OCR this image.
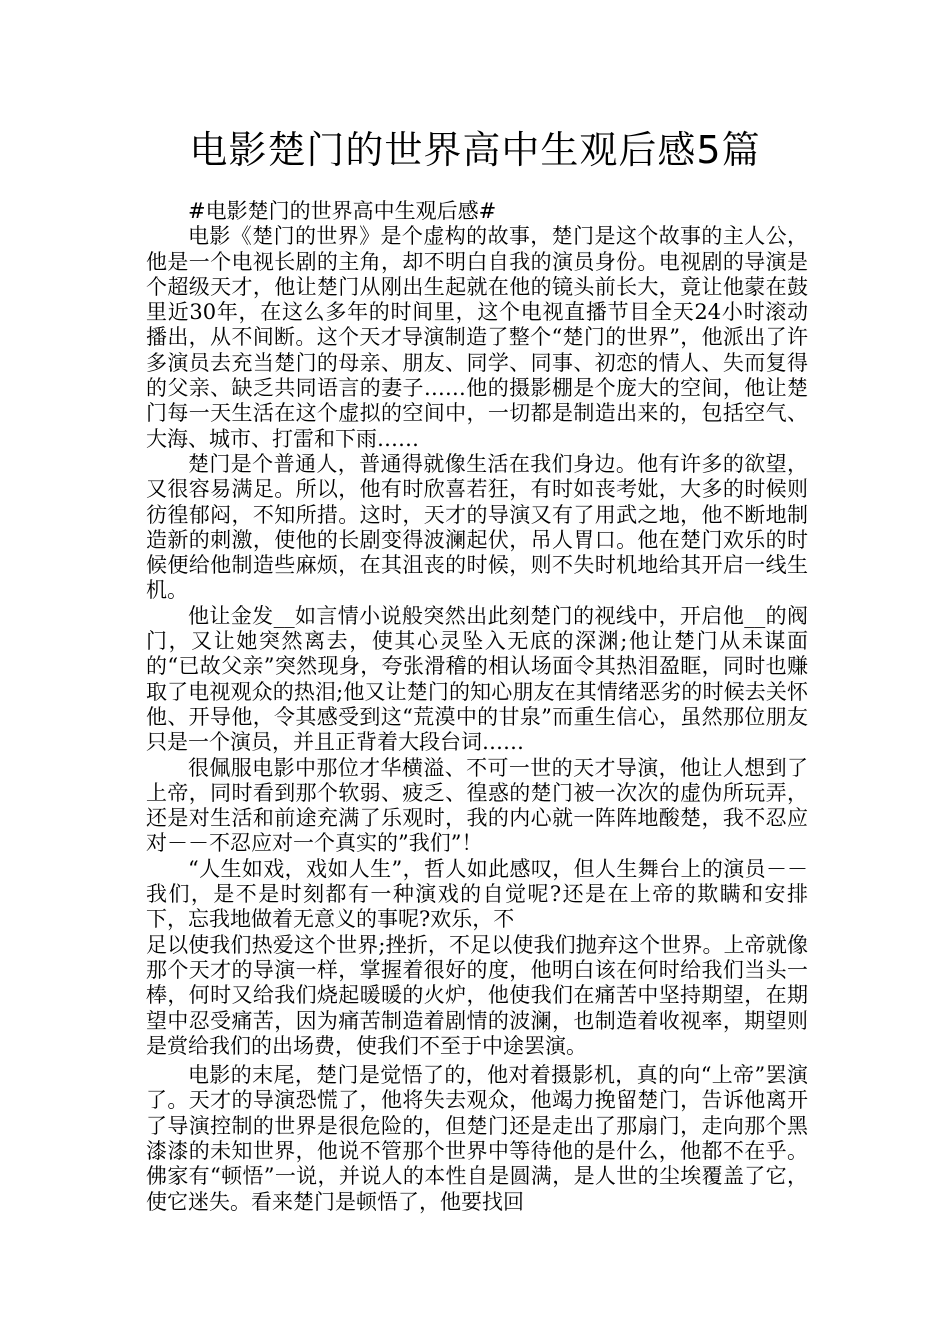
电影楚门的世界高中生观后感5篇

#电影楚门的世界高中生观后感#

电影《楚门的世界》是个虚构的故事，楚门是这个故事的主人公，他是一个电视长剧的主角，却不明白自我的演员身份。电视剧的导演是个超级天才，他让楚门从刚出生起就在他的镜头前长大，竟让他蒙在鼓里近30年，在这么多年的时间里，这个电视直播节目全天24小时滚动播出，从不间断。这个天才导演制造了整个“楚门的世界”，他派出了许多演员去充当楚门的母亲、朋友、同学、同事、初恋的情人、失而复得的父亲、缺乏共同语言的妻子……他的摄影棚是个庞大的空间，他让楚门每一天生活在这个虚拟的空间中，一切都是制造出来的，包括空气、大海、城市、打雷和下雨……

楚门是个普通人，普通得就像生活在我们身边。他有许多的欲望，又很容易满足。所以，他有时欣喜若狂，有时如丧考妣，大多的时候则彷徨郁闷，不知所措。这时，天才的导演又有了用武之地，他不断地制造新的刺激，使他的长剧变得波澜起伏，吊人胃口。他在楚门欢乐的时候便给他制造些麻烦，在其沮丧的时候，则不失时机地给其开启一线生机。

他让金发__如言情小说般突然出此刻楚门的视线中，开启他__的阀门，又让她突然离去，使其心灵坠入无底的深渊;他让楚门从未谋面的“已故父亲”突然现身，夸张滑稽的相认场面令其热泪盈眶，同时也赚取了电视观众的热泪;他又让楚门的知心朋友在其情绪恶劣的时候去关怀他、开导他，令其感受到这“荒漠中的甘泉”而重生信心，虽然那位朋友只是一个演员，并且正背着大段台词……

很佩服电影中那位才华横溢、不可一世的天才导演，他让人想到了上帝，同时看到那个软弱、疲乏、徨惑的楚门被一次次的虚伪所玩弄，还是对生活和前途充满了乐观时，我的内心就一阵阵地酸楚，我不忍应对－－不忍应对一个真实的”我们”！

“人生如戏，戏如人生”，哲人如此感叹，但人生舞台上的演员－－我们，是不是时刻都有一种演戏的自觉呢?还是在上帝的欺瞒和安排下，忘我地做着无意义的事呢?欢乐，不

足以使我们热爱这个世界;挫折，不足以使我们抛弃这个世界。上帝就像那个天才的导演一样，掌握着很好的度，他明白该在何时给我们当头一棒，何时又给我们烧起暖暖的火炉，他使我们在痛苦中坚持期望，在期望中忍受痛苦，因为痛苦制造着剧情的波澜，也制造着收视率，期望则是赏给我们的出场费，使我们不至于中途罢演。

电影的末尾，楚门是觉悟了的，他对着摄影机，真的向“上帝”罢演了。天才的导演恐慌了，他将失去观众，他竭力挽留楚门，告诉他离开了导演控制的世界是很危险的，但楚门还是走出了那扇门，走向那个黑漆漆的未知世界，他说不管那个世界中等待他的是什么，他都不在乎。佛家有“顿悟”一说，并说人的本性自是圆满，是人世的尘埃覆盖了它，使它迷失。看来楚门是顿悟了，他要找回
